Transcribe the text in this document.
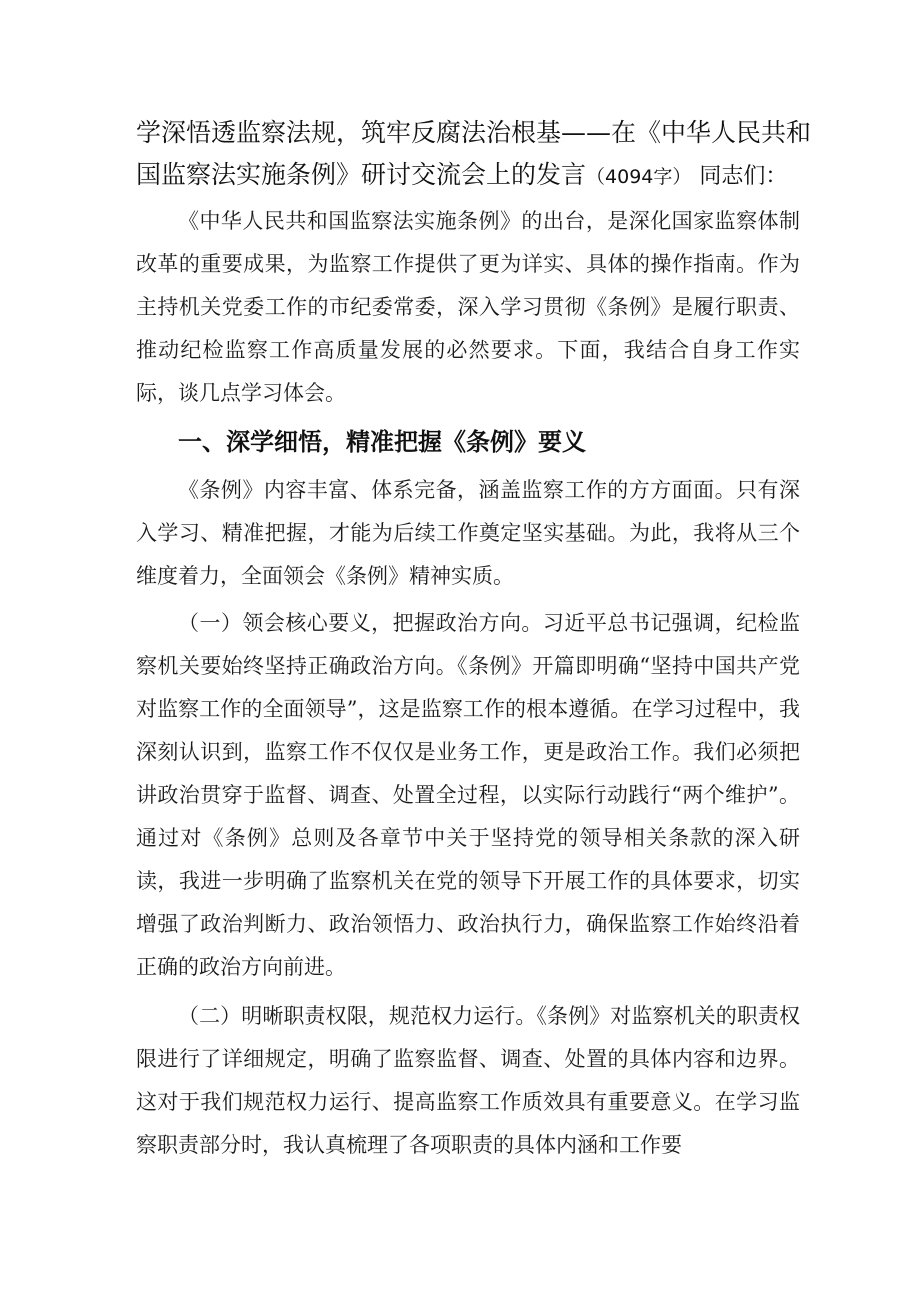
学深悟透监察法规，筑牢反腐法治根基——在《中华人民共和国监察法实施条例》研讨交流会上的发言（4094字） 同志们：

《中华人民共和国监察法实施条例》的出台，是深化国家监察体制改革的重要成果，为监察工作提供了更为详实、具体的操作指南。作为主持机关党委工作的市纪委常委，深入学习贯彻《条例》是履行职责、推动纪检监察工作高质量发展的必然要求。下面，我结合自身工作实际，谈几点学习体会。

一、深学细悟，精准把握《条例》要义

《条例》内容丰富、体系完备，涵盖监察工作的方方面面。只有深入学习、精准把握，才能为后续工作奠定坚实基础。为此，我将从三个维度着力，全面领会《条例》精神实质。

（一）领会核心要义，把握政治方向。习近平总书记强调，纪检监察机关要始终坚持正确政治方向。《条例》开篇即明确“坚持中国共产党对监察工作的全面领导”，这是监察工作的根本遵循。在学习过程中，我深刻认识到，监察工作不仅仅是业务工作，更是政治工作。我们必须把讲政治贯穿于监督、调查、处置全过程，以实际行动践行“两个维护”。通过对《条例》总则及各章节中关于坚持党的领导相关条款的深入研读，我进一步明确了监察机关在党的领导下开展工作的具体要求，切实增强了政治判断力、政治领悟力、政治执行力，确保监察工作始终沿着正确的政治方向前进。

（二）明晰职责权限，规范权力运行。《条例》对监察机关的职责权限进行了详细规定，明确了监察监督、调查、处置的具体内容和边界。这对于我们规范权力运行、提高监察工作质效具有重要意义。在学习监察职责部分时，我认真梳理了各项职责的具体内涵和工作要
